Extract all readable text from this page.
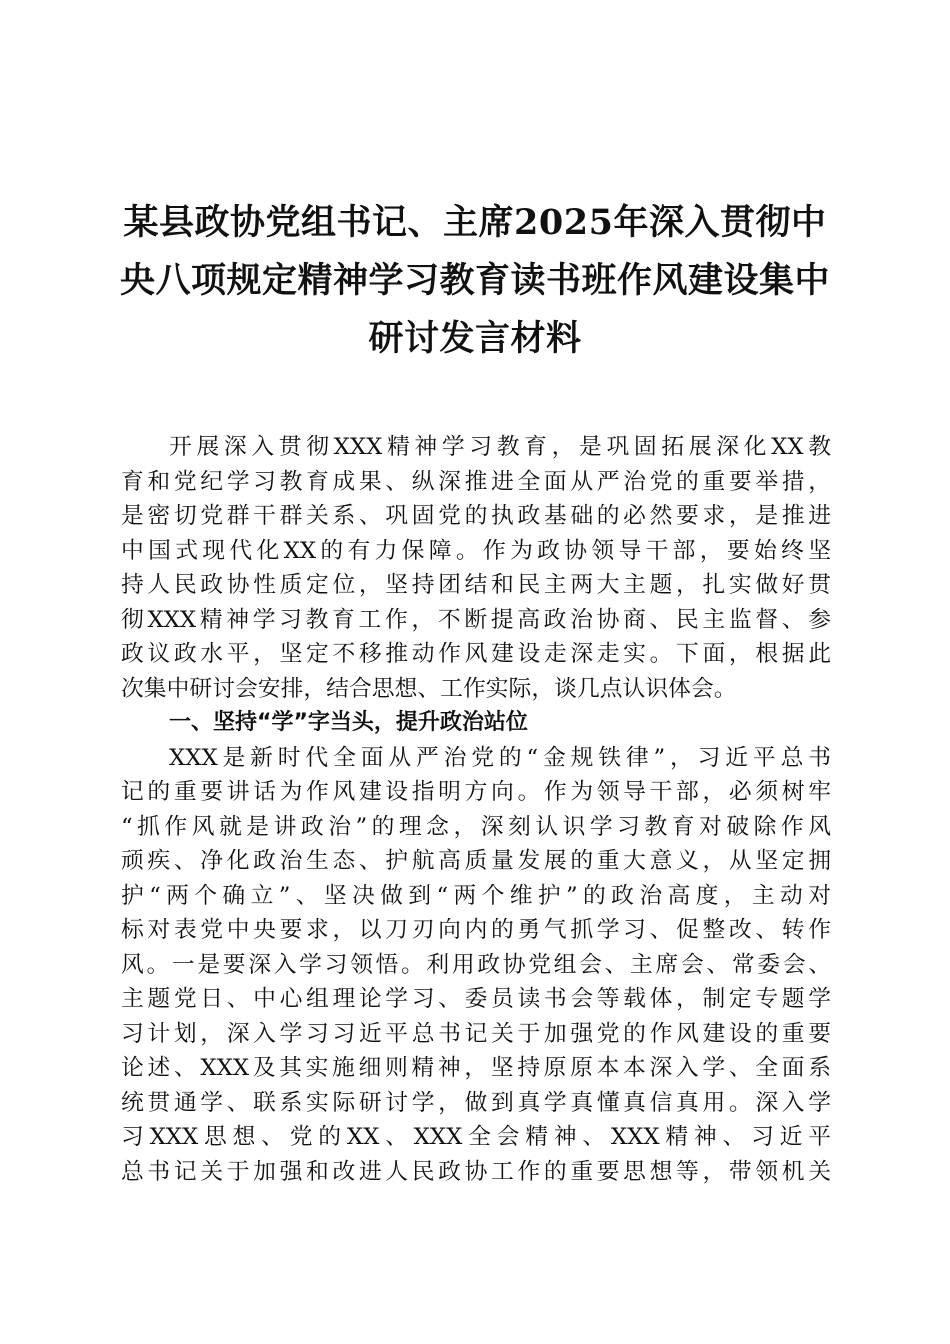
某县政协党组书记、主席2025年深入贯彻中
央八项规定精神学习教育读书班作风建设集中
研讨发言材料
开展深入贯彻XXX精神学习教育，是巩固拓展深化XX教
育和党纪学习教育成果、纵深推进全面从严治党的重要举措，
是密切党群干群关系、巩固党的执政基础的必然要求，是推进
中国式现代化XX的有力保障。作为政协领导干部，要始终坚
持人民政协性质定位，坚持团结和民主两大主题，扎实做好贯
彻XXX精神学习教育工作，不断提高政治协商、民主监督、参
政议政水平，坚定不移推动作风建设走深走实。下面，根据此
次集中研讨会安排，结合思想、工作实际，谈几点认识体会。
一、坚持“学”字当头，提升政治站位
XXX是新时代全面从严治党的“金规铁律”，习近平总书
记的重要讲话为作风建设指明方向。作为领导干部，必须树牢
“抓作风就是讲政治”的理念，深刻认识学习教育对破除作风
顽疾、净化政治生态、护航高质量发展的重大意义，从坚定拥
护“两个确立”、坚决做到“两个维护”的政治高度，主动对
标对表党中央要求，以刀刃向内的勇气抓学习、促整改、转作
风。一是要深入学习领悟。利用政协党组会、主席会、常委会、
主题党日、中心组理论学习、委员读书会等载体，制定专题学
习计划，深入学习习近平总书记关于加强党的作风建设的重要
论述、XXX及其实施细则精神，坚持原原本本深入学、全面系
统贯通学、联系实际研讨学，做到真学真懂真信真用。深入学
习XXX思想、党的XX、XXX全会精神、XXX精神、习近平
总书记关于加强和改进人民政协工作的重要思想等，带领机关
